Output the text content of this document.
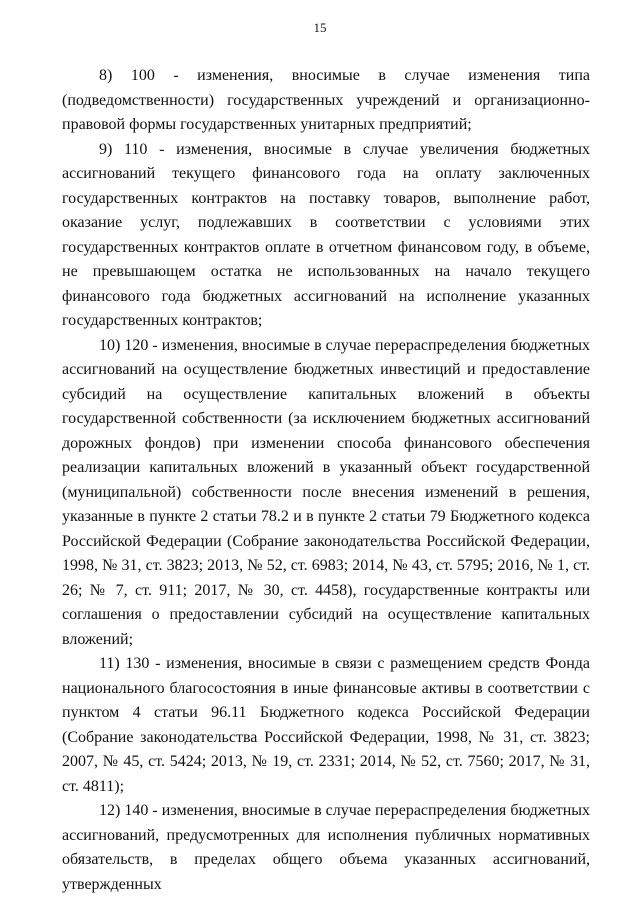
15

8) 100 - изменения, вносимые в случае изменения типа (подведомственности) государственных учреждений и организационно-правовой формы государственных унитарных предприятий;

9) 110 - изменения, вносимые в случае увеличения бюджетных ассигнований текущего финансового года на оплату заключенных государственных контрактов на поставку товаров, выполнение работ, оказание услуг, подлежавших в соответствии с условиями этих государственных контрактов оплате в отчетном финансовом году, в объеме, не превышающем остатка не использованных на начало текущего финансового года бюджетных ассигнований на исполнение указанных государственных контрактов;

10) 120 - изменения, вносимые в случае перераспределения бюджетных ассигнований на осуществление бюджетных инвестиций и предоставление субсидий на осуществление капитальных вложений в объекты государственной собственности (за исключением бюджетных ассигнований дорожных фондов) при изменении способа финансового обеспечения реализации капитальных вложений в указанный объект государственной (муниципальной) собственности после внесения изменений в решения, указанные в пункте 2 статьи 78.2 и в пункте 2 статьи 79 Бюджетного кодекса Российской Федерации (Собрание законодательства Российской Федерации, 1998, № 31, ст. 3823; 2013, № 52, ст. 6983; 2014, № 43, ст. 5795; 2016, № 1, ст. 26; № 7, ст. 911; 2017, № 30, ст. 4458), государственные контракты или соглашения о предоставлении субсидий на осуществление капитальных вложений;

11) 130 - изменения, вносимые в связи с размещением средств Фонда национального благосостояния в иные финансовые активы в соответствии с пунктом 4 статьи 96.11 Бюджетного кодекса Российской Федерации (Собрание законодательства Российской Федерации, 1998, № 31, ст. 3823; 2007, № 45, ст. 5424; 2013, № 19, ст. 2331; 2014, № 52, ст. 7560; 2017, № 31, ст. 4811);

12) 140 - изменения, вносимые в случае перераспределения бюджетных ассигнований, предусмотренных для исполнения публичных нормативных обязательств, в пределах общего объема указанных ассигнований, утвержденных
